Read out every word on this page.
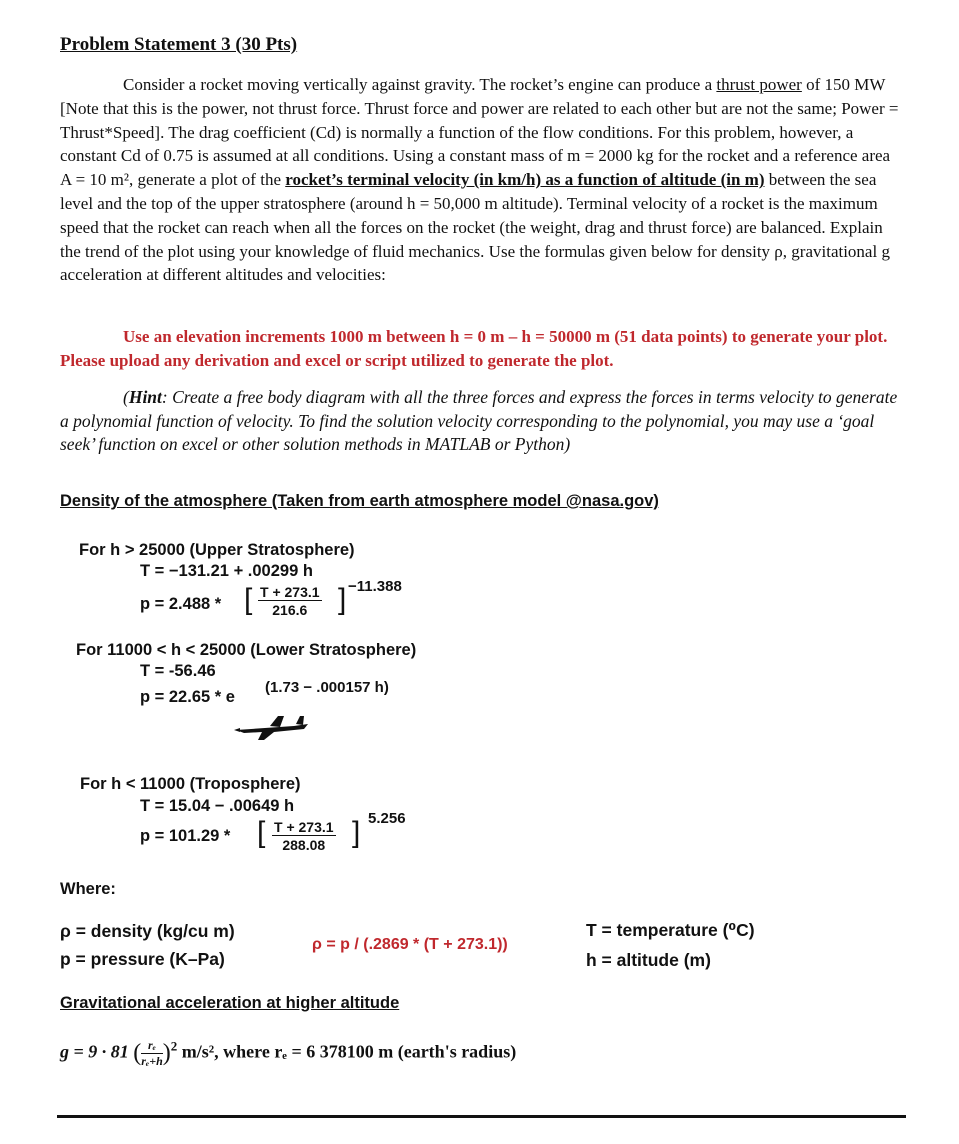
Problem Statement 3 (30 Pts)

Consider a rocket moving vertically against gravity. The rocket’s engine can produce a thrust power of 150 MW [Note that this is the power, not thrust force. Thrust force and power are related to each other but are not the same; Power = Thrust*Speed]. The drag coefficient (Cd) is normally a function of the flow conditions. For this problem, however, a constant Cd of 0.75 is assumed at all conditions. Using a constant mass of m = 2000 kg for the rocket and a reference area A = 10 m², generate a plot of the rocket’s terminal velocity (in km/h) as a function of altitude (in m) between the sea level and the top of the upper stratosphere (around h = 50,000 m altitude). Terminal velocity of a rocket is the maximum speed that the rocket can reach when all the forces on the rocket (the weight, drag and thrust force) are balanced. Explain the trend of the plot using your knowledge of fluid mechanics. Use the formulas given below for density ρ, gravitational g acceleration at different altitudes and velocities:

Use an elevation increments 1000 m between h = 0 m – h = 50000 m (51 data points) to generate your plot. Please upload any derivation and excel or script utilized to generate the plot.

(Hint: Create a free body diagram with all the three forces and express the forces in terms velocity to generate a polynomial function of velocity. To find the solution velocity corresponding to the polynomial, you may use a ‘goal seek’ function on excel or other solution methods in MATLAB or Python)

Density of the atmosphere (Taken from earth atmosphere model @nasa.gov)
For h > 25000 (Upper Stratosphere)
T = −131.21 + .00299 h
p = 2.488 * [ $\frac{T + 273.1}{216.6}$ ] −11.388
For 11000 < h < 25000 (Lower Stratosphere)
T = -56.46
p = 22.65 * e
(1.73 − .000157 h)
For h < 11000 (Troposphere)
T = 15.04 − .00649 h
p = 101.29 * [ $\frac{T + 273.1}{288.08}$ ] 5.256
Where:
ρ = density (kg/cu m)
p = pressure (K–Pa)
ρ = p / (.2869 * (T + 273.1))
T = temperature (⁰C)
h = altitude (m)
Gravitational acceleration at higher altitude
g = 9 · 81 ( $\frac{\text{rₑ}}{\text{rₑ+h}} )^2$ m/s², where rₑ = 6 378100 m (earth's radius)
